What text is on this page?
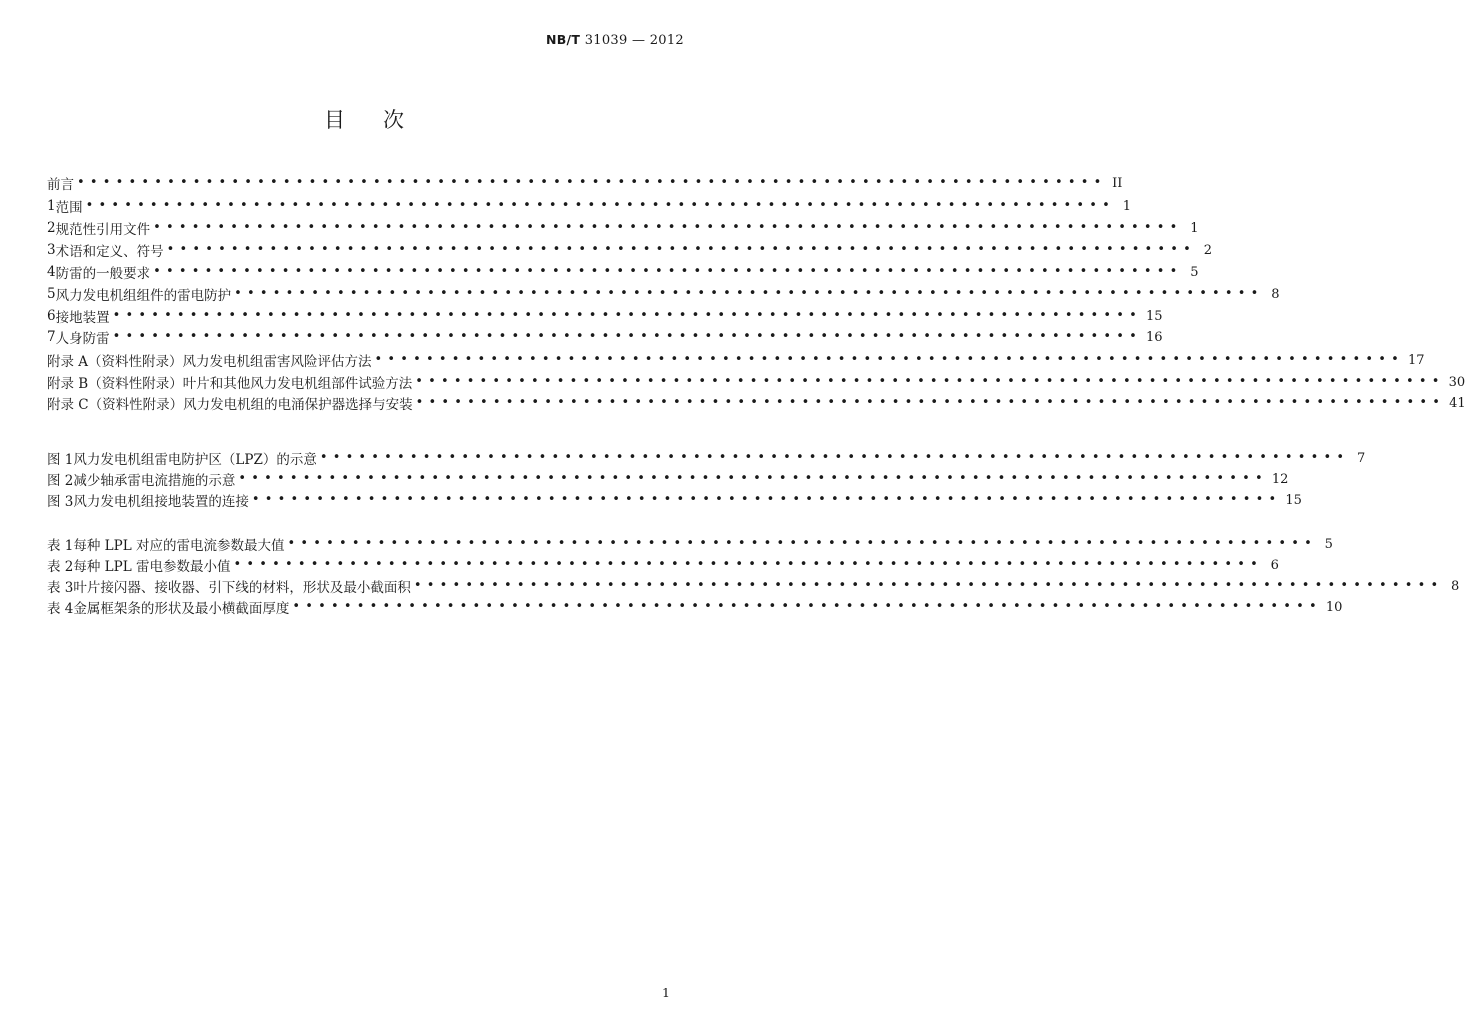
NB/T 31039 — 2012
目次
前言 •••••••••••••••••••••••••••••••••••••••••••••••••••••••••••••••••••••••••••••••• II
1 范围 •••••••••••••••••••••••••••••••••••••••••••••••••••••••••••••••••••••••••••••••• 1
2 规范性引用文件 •••••••••••••••••••••••••••••••••••••••••••••••••••••••••••••••••••••••••••••••• 1
3 术语和定义、符号 •••••••••••••••••••••••••••••••••••••••••••••••••••••••••••••••••••••••••••••••• 2
4 防雷的一般要求 •••••••••••••••••••••••••••••••••••••••••••••••••••••••••••••••••••••••••••••••• 5
5 风力发电机组组件的雷电防护 •••••••••••••••••••••••••••••••••••••••••••••••••••••••••••••••••••••••••••••••• 8
6 接地装置 •••••••••••••••••••••••••••••••••••••••••••••••••••••••••••••••••••••••••••••••• 15
7 人身防雷 •••••••••••••••••••••••••••••••••••••••••••••••••••••••••••••••••••••••••••••••• 16
附录 A（资料性附录） 风力发电机组雷害风险评估方法 •••••••••••••••••••••••••••••••••••••••••••••••••••••••••••••••••••••••••••••••• 17
附录 B（资料性附录） 叶片和其他风力发电机组部件试验方法 •••••••••••••••••••••••••••••••••••••••••••••••••••••••••••••••••••••••••••••••• 30
附录 C（资料性附录） 风力发电机组的电涌保护器选择与安装 •••••••••••••••••••••••••••••••••••••••••••••••••••••••••••••••••••••••••••••••• 41
图 1 风力发电机组雷电防护区（LPZ）的示意 •••••••••••••••••••••••••••••••••••••••••••••••••••••••••••••••••••••••••••••••• 7
图 2 减少轴承雷电流措施的示意 •••••••••••••••••••••••••••••••••••••••••••••••••••••••••••••••••••••••••••••••• 12
图 3 风力发电机组接地装置的连接 •••••••••••••••••••••••••••••••••••••••••••••••••••••••••••••••••••••••••••••••• 15
表 1 每种 LPL 对应的雷电流参数最大值 •••••••••••••••••••••••••••••••••••••••••••••••••••••••••••••••••••••••••••••••• 5
表 2 每种 LPL 雷电参数最小值 •••••••••••••••••••••••••••••••••••••••••••••••••••••••••••••••••••••••••••••••• 6
表 3 叶片接闪器、接收器、引下线的材料，形状及最小截面积 •••••••••••••••••••••••••••••••••••••••••••••••••••••••••••••••••••••••••••••••• 8
表 4 金属框架条的形状及最小横截面厚度 •••••••••••••••••••••••••••••••••••••••••••••••••••••••••••••••••••••••••••••••• 10
1
